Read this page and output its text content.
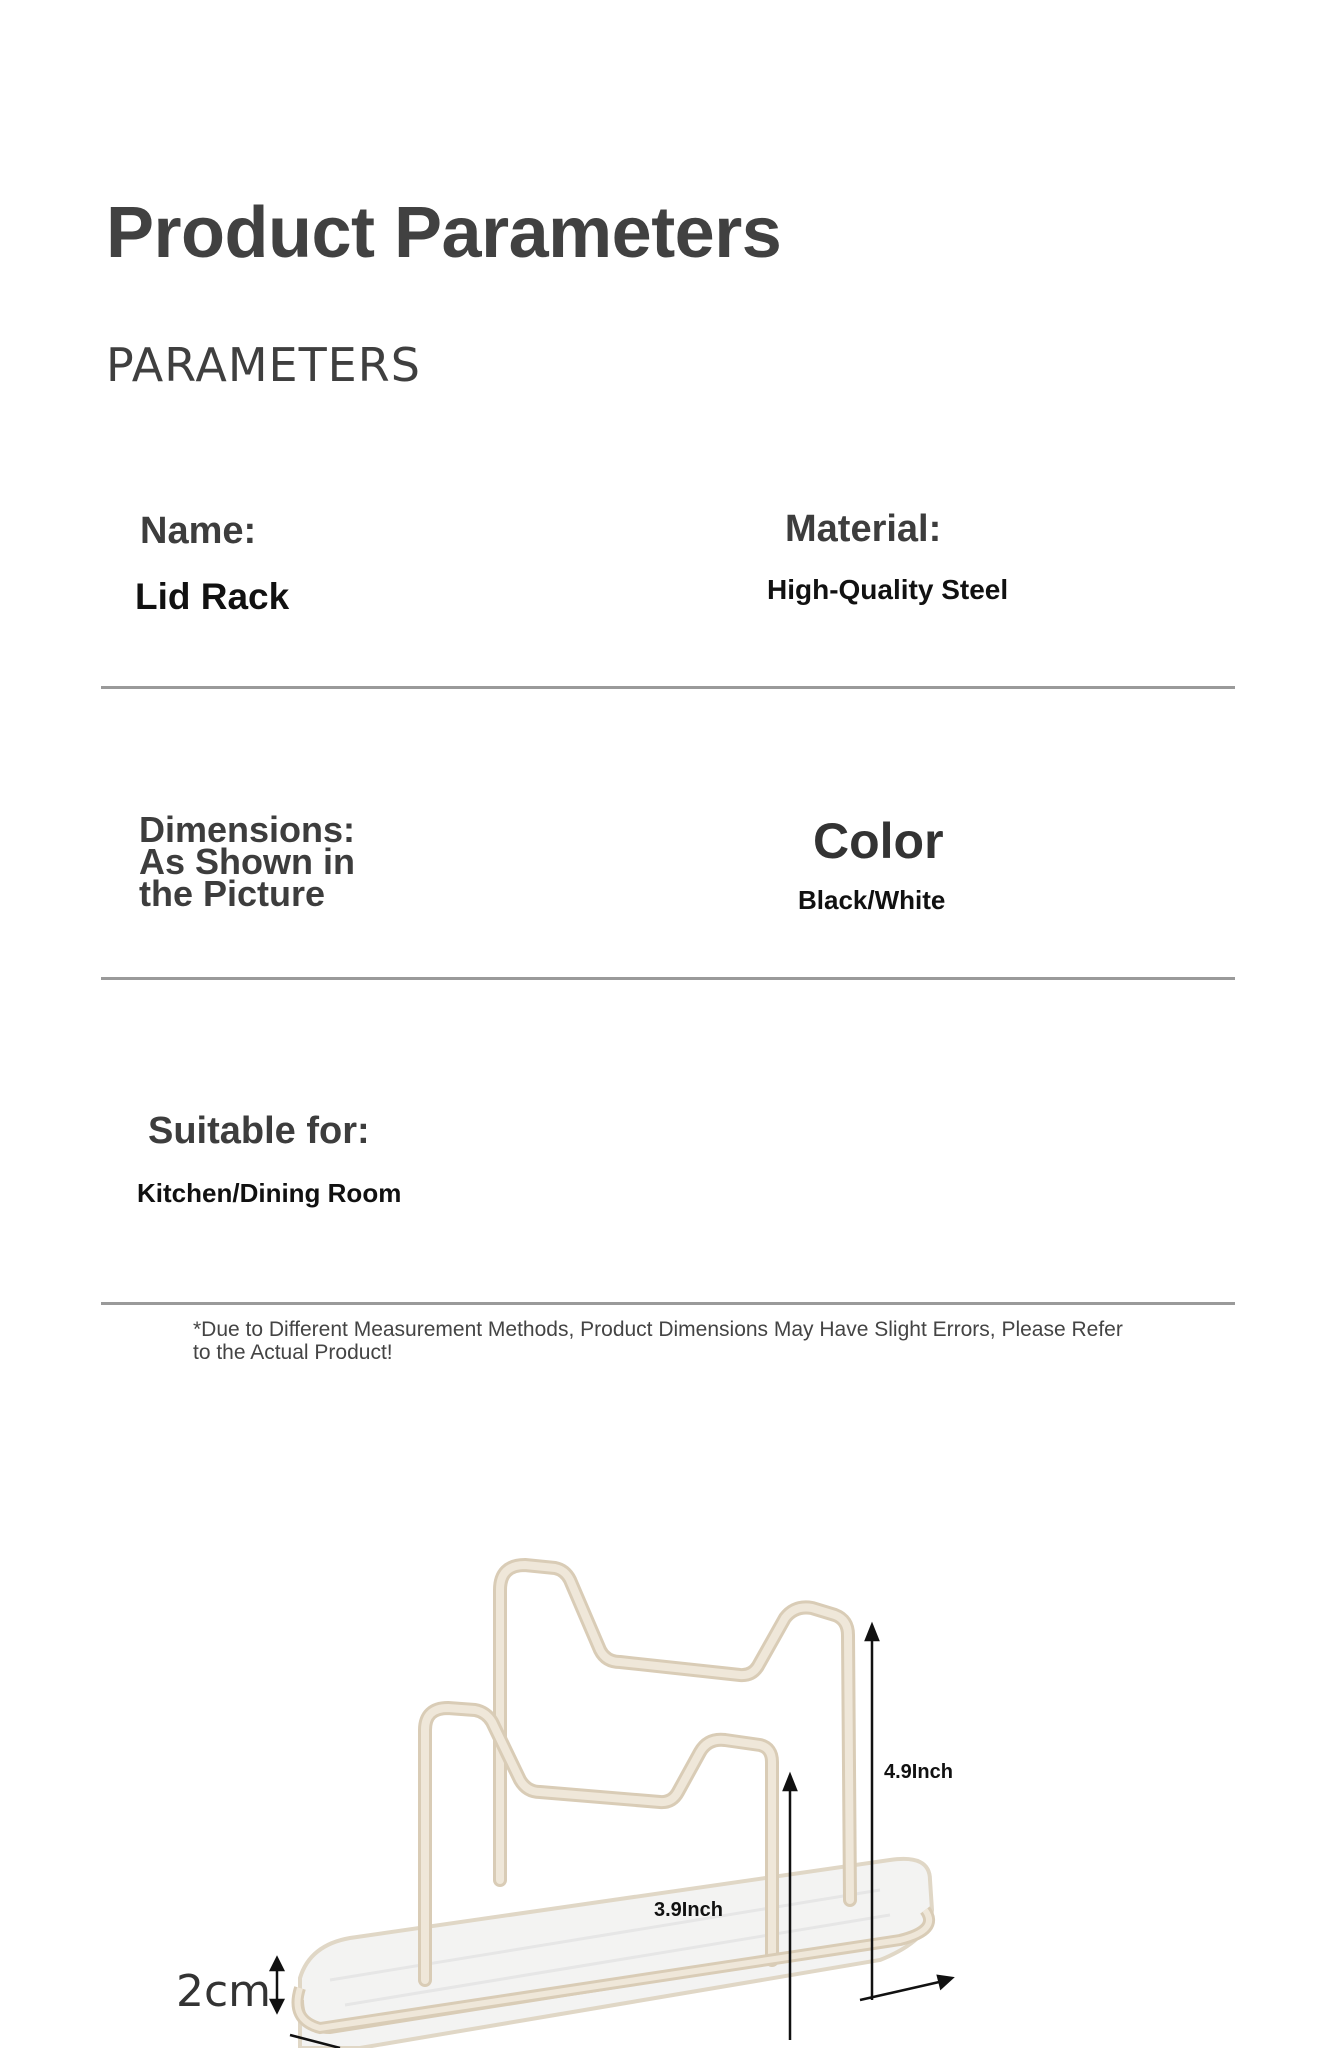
Product Parameters
PARAMETERS
Name:
Lid Rack
Material:
High-Quality Steel
Dimensions:
As Shown in
the Picture
Color
Black/White
Suitable for:
Kitchen/Dining Room
*Due to Different Measurement Methods, Product Dimensions May Have Slight Errors, Please Refer to the Actual Product!
4.9Inch
3.9Inch
2cm
